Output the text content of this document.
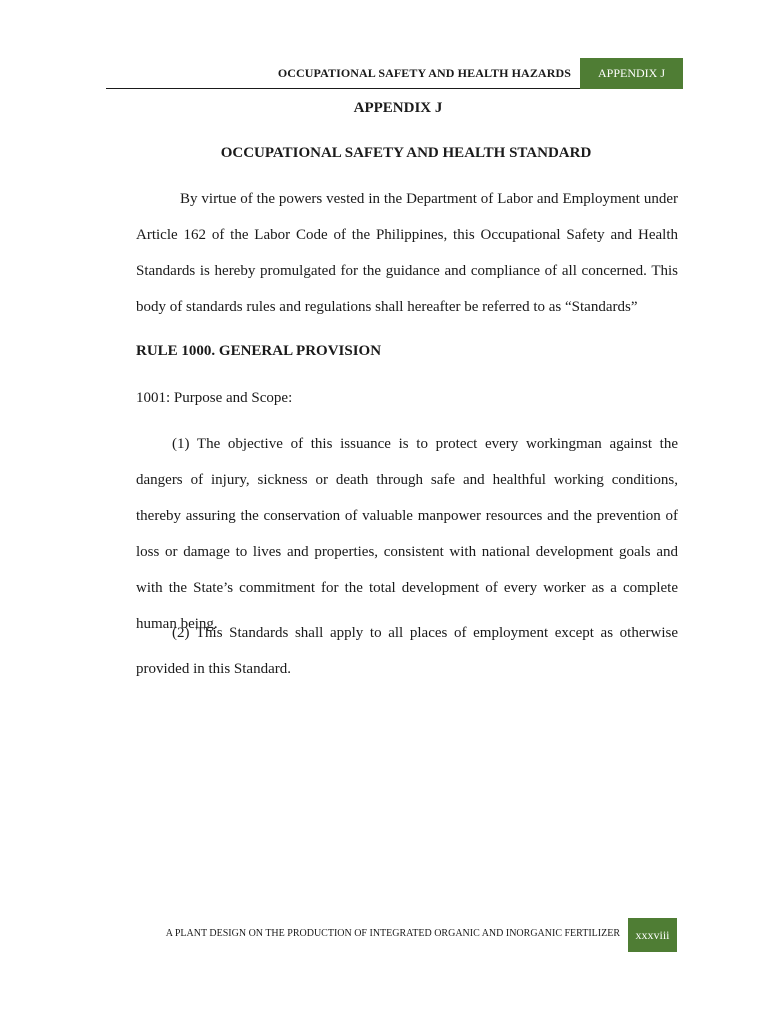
OCCUPATIONAL SAFETY AND HEALTH HAZARDS	APPENDIX J
APPENDIX J
OCCUPATIONAL SAFETY AND HEALTH STANDARD

By virtue of the powers vested in the Department of Labor and Employment under Article 162 of the Labor Code of the Philippines, this Occupational Safety and Health Standards is hereby promulgated for the guidance and compliance of all concerned. This body of standards rules and regulations shall hereafter be referred to as “Standards”

RULE 1000. GENERAL PROVISION
1001: Purpose and Scope:

(1) The objective of this issuance is to protect every workingman against the dangers of injury, sickness or death through safe and healthful working conditions, thereby assuring the conservation of valuable manpower resources and the prevention of loss or damage to lives and properties, consistent with national development goals and with the State’s commitment for the total development of every worker as a complete human being.

(2) This Standards shall apply to all places of employment except as otherwise provided in this Standard.

A PLANT DESIGN ON THE PRODUCTION OF INTEGRATED ORGANIC AND INORGANIC FERTILIZER	xxxviii
